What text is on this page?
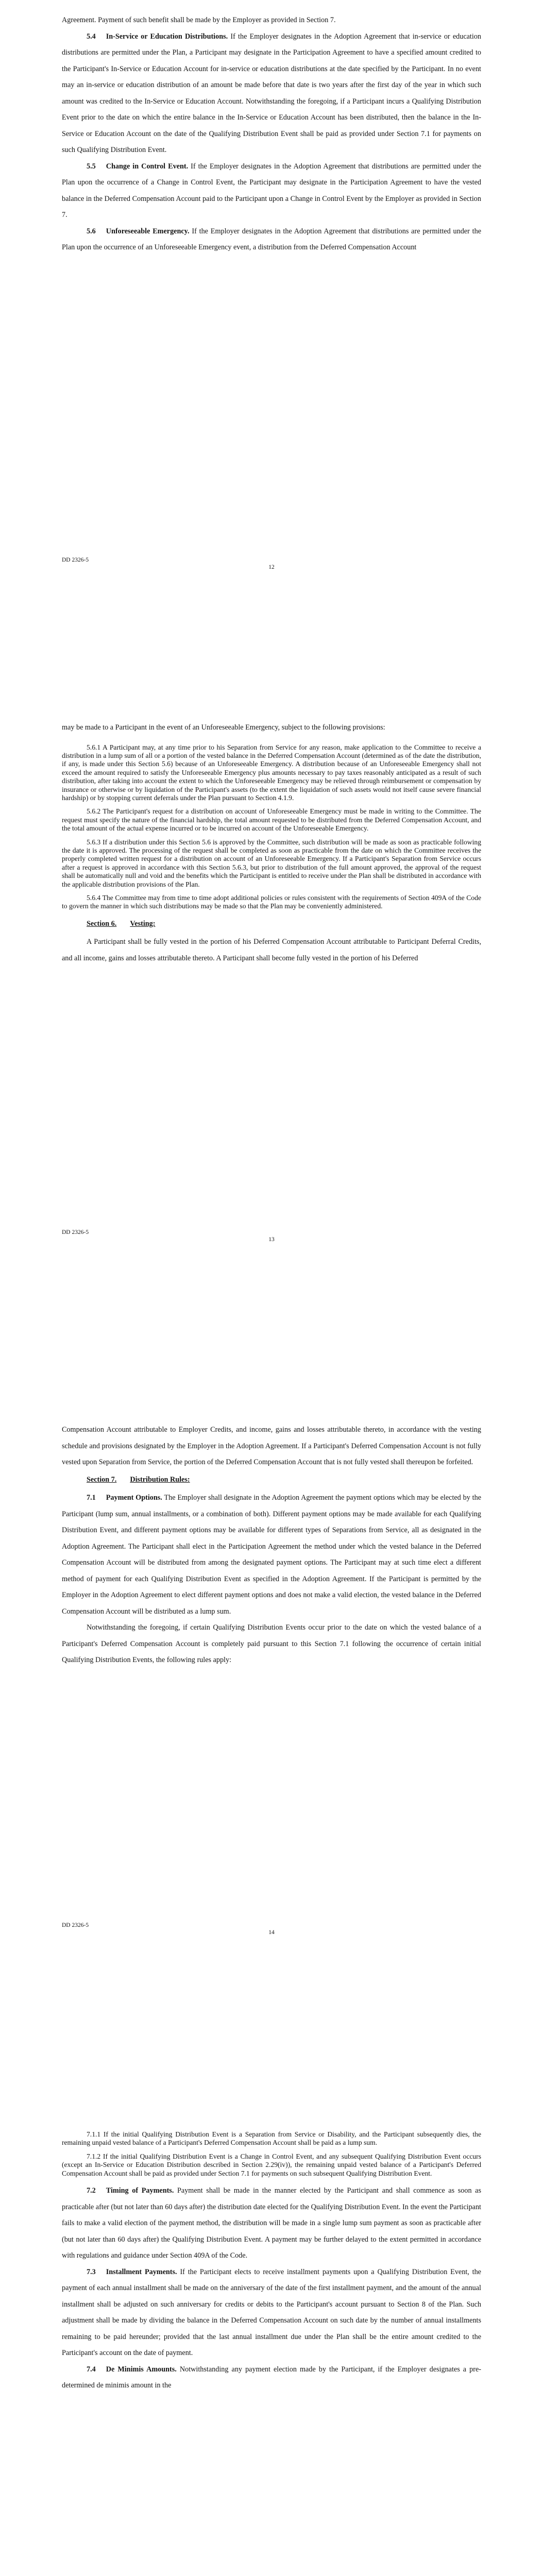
Agreement. Payment of such benefit shall be made by the Employer as provided in Section 7.

5.4 In-Service or Education Distributions. If the Employer designates in the Adoption Agreement that in-service or education distributions are permitted under the Plan, a Participant may designate in the Participation Agreement to have a specified amount credited to the Participant's In-Service or Education Account for in-service or education distributions at the date specified by the Participant. In no event may an in-service or education distribution of an amount be made before that date is two years after the first day of the year in which such amount was credited to the In-Service or Education Account. Notwithstanding the foregoing, if a Participant incurs a Qualifying Distribution Event prior to the date on which the entire balance in the In-Service or Education Account has been distributed, then the balance in the In-Service or Education Account on the date of the Qualifying Distribution Event shall be paid as provided under Section 7.1 for payments on such Qualifying Distribution Event.

5.5 Change in Control Event. If the Employer designates in the Adoption Agreement that distributions are permitted under the Plan upon the occurrence of a Change in Control Event, the Participant may designate in the Participation Agreement to have the vested balance in the Deferred Compensation Account paid to the Participant upon a Change in Control Event by the Employer as provided in Section 7.

5.6 Unforeseeable Emergency. If the Employer designates in the Adoption Agreement that distributions are permitted under the Plan upon the occurrence of an Unforeseeable Emergency event, a distribution from the Deferred Compensation Account

DD 2326-5
12

may be made to a Participant in the event of an Unforeseeable Emergency, subject to the following provisions:

5.6.1 A Participant may, at any time prior to his Separation from Service for any reason, make application to the Committee to receive a distribution in a lump sum of all or a portion of the vested balance in the Deferred Compensation Account (determined as of the date the distribution, if any, is made under this Section 5.6) because of an Unforeseeable Emergency. A distribution because of an Unforeseeable Emergency shall not exceed the amount required to satisfy the Unforeseeable Emergency plus amounts necessary to pay taxes reasonably anticipated as a result of such distribution, after taking into account the extent to which the Unforeseeable Emergency may be relieved through reimbursement or compensation by insurance or otherwise or by liquidation of the Participant's assets (to the extent the liquidation of such assets would not itself cause severe financial hardship) or by stopping current deferrals under the Plan pursuant to Section 4.1.9.

5.6.2 The Participant's request for a distribution on account of Unforeseeable Emergency must be made in writing to the Committee. The request must specify the nature of the financial hardship, the total amount requested to be distributed from the Deferred Compensation Account, and the total amount of the actual expense incurred or to be incurred on account of the Unforeseeable Emergency.

5.6.3 If a distribution under this Section 5.6 is approved by the Committee, such distribution will be made as soon as practicable following the date it is approved. The processing of the request shall be completed as soon as practicable from the date on which the Committee receives the properly completed written request for a distribution on account of an Unforeseeable Emergency. If a Participant's Separation from Service occurs after a request is approved in accordance with this Section 5.6.3, but prior to distribution of the full amount approved, the approval of the request shall be automatically null and void and the benefits which the Participant is entitled to receive under the Plan shall be distributed in accordance with the applicable distribution provisions of the Plan.

5.6.4 The Committee may from time to time adopt additional policies or rules consistent with the requirements of Section 409A of the Code to govern the manner in which such distributions may be made so that the Plan may be conveniently administered.

Section 6. Vesting:

A Participant shall be fully vested in the portion of his Deferred Compensation Account attributable to Participant Deferral Credits, and all income, gains and losses attributable thereto. A Participant shall become fully vested in the portion of his Deferred

DD 2326-5
13

Compensation Account attributable to Employer Credits, and income, gains and losses attributable thereto, in accordance with the vesting schedule and provisions designated by the Employer in the Adoption Agreement. If a Participant's Deferred Compensation Account is not fully vested upon Separation from Service, the portion of the Deferred Compensation Account that is not fully vested shall thereupon be forfeited.

Section 7. Distribution Rules:

7.1 Payment Options. The Employer shall designate in the Adoption Agreement the payment options which may be elected by the Participant (lump sum, annual installments, or a combination of both). Different payment options may be made available for each Qualifying Distribution Event, and different payment options may be available for different types of Separations from Service, all as designated in the Adoption Agreement. The Participant shall elect in the Participation Agreement the method under which the vested balance in the Deferred Compensation Account will be distributed from among the designated payment options. The Participant may at such time elect a different method of payment for each Qualifying Distribution Event as specified in the Adoption Agreement. If the Participant is permitted by the Employer in the Adoption Agreement to elect different payment options and does not make a valid election, the vested balance in the Deferred Compensation Account will be distributed as a lump sum.

Notwithstanding the foregoing, if certain Qualifying Distribution Events occur prior to the date on which the vested balance of a Participant's Deferred Compensation Account is completely paid pursuant to this Section 7.1 following the occurrence of certain initial Qualifying Distribution Events, the following rules apply:

DD 2326-5
14

7.1.1 If the initial Qualifying Distribution Event is a Separation from Service or Disability, and the Participant subsequently dies, the remaining unpaid vested balance of a Participant's Deferred Compensation Account shall be paid as a lump sum.

7.1.2 If the initial Qualifying Distribution Event is a Change in Control Event, and any subsequent Qualifying Distribution Event occurs (except an In-Service or Education Distribution described in Section 2.29(iv)), the remaining unpaid vested balance of a Participant's Deferred Compensation Account shall be paid as provided under Section 7.1 for payments on such subsequent Qualifying Distribution Event.

7.2 Timing of Payments. Payment shall be made in the manner elected by the Participant and shall commence as soon as practicable after (but not later than 60 days after) the distribution date elected for the Qualifying Distribution Event. In the event the Participant fails to make a valid election of the payment method, the distribution will be made in a single lump sum payment as soon as practicable after (but not later than 60 days after) the Qualifying Distribution Event. A payment may be further delayed to the extent permitted in accordance with regulations and guidance under Section 409A of the Code.

7.3 Installment Payments. If the Participant elects to receive installment payments upon a Qualifying Distribution Event, the payment of each annual installment shall be made on the anniversary of the date of the first installment payment, and the amount of the annual installment shall be adjusted on such anniversary for credits or debits to the Participant's account pursuant to Section 8 of the Plan. Such adjustment shall be made by dividing the balance in the Deferred Compensation Account on such date by the number of annual installments remaining to be paid hereunder; provided that the last annual installment due under the Plan shall be the entire amount credited to the Participant's account on the date of payment.

7.4 De Minimis Amounts. Notwithstanding any payment election made by the Participant, if the Employer designates a pre-determined de minimis amount in the
